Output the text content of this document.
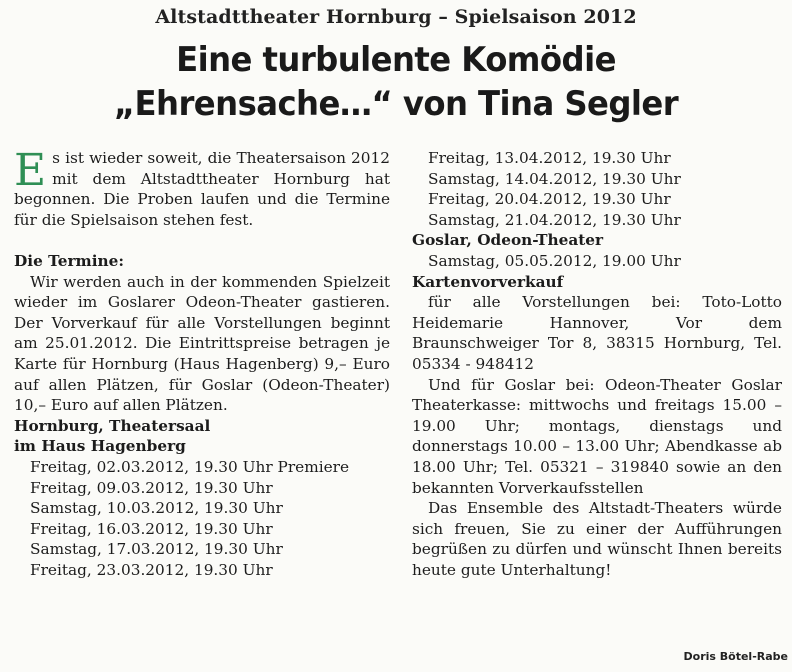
Altstadttheater Hornburg – Spielsaison 2012
Eine turbulente Komödie
„Ehrensache…“ von Tina Segler

Es ist wieder soweit, die Theatersaison 2012 mit dem Altstadttheater Hornburg hat begonnen. Die Proben laufen und die Termine für die Spielsaison stehen fest.

Die Termine:

Wir werden auch in der kommenden Spielzeit wieder im Goslarer Odeon-Theater gastieren. Der Vorverkauf für alle Vorstellungen beginnt am 25.01.2012. Die Eintrittspreise betragen je Karte für Hornburg (Haus Hagenberg) 9,– Euro auf allen Plätzen, für Goslar (Odeon-Theater) 10,– Euro auf allen Plätzen.

Hornburg, Theatersaal

im Haus Hagenberg

Freitag, 02.03.2012, 19.30 Uhr Premiere

Freitag, 09.03.2012, 19.30 Uhr

Samstag, 10.03.2012, 19.30 Uhr

Freitag, 16.03.2012, 19.30 Uhr

Samstag, 17.03.2012, 19.30 Uhr

Freitag, 23.03.2012, 19.30 Uhr

Freitag, 13.04.2012, 19.30 Uhr

Samstag, 14.04.2012, 19.30 Uhr

Freitag, 20.04.2012, 19.30 Uhr

Samstag, 21.04.2012, 19.30 Uhr

Goslar, Odeon-Theater

Samstag, 05.05.2012, 19.00 Uhr

Kartenvorverkauf

für alle Vorstellungen bei: Toto-Lotto Heidemarie Hannover, Vor dem Braunschweiger Tor 8, 38315 Hornburg, Tel. 05334 - 948412

Und für Goslar bei: Odeon-Theater Goslar Theaterkasse: mittwochs und freitags 15.00 – 19.00 Uhr; montags, dienstags und donnerstags 10.00 – 13.00 Uhr; Abendkasse ab 18.00 Uhr; Tel. 05321 – 319840 sowie an den bekannten Vorverkaufsstellen

Das Ensemble des Altstadt-Theaters würde sich freuen, Sie zu einer der Aufführungen begrüßen zu dürfen und wünscht Ihnen bereits heute gute Unterhaltung!

Doris Bötel-Rabe
